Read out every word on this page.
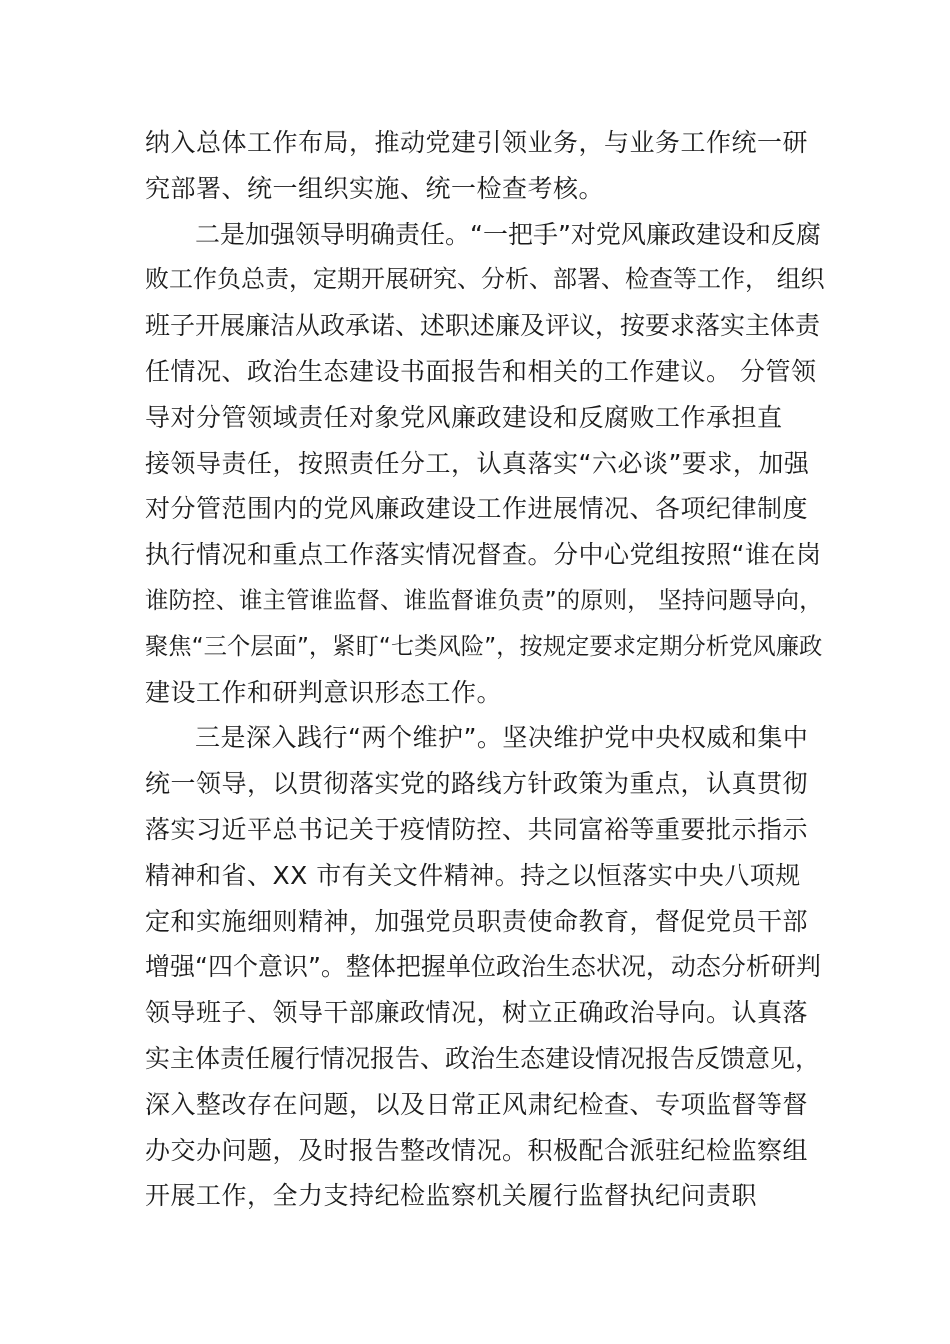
纳入总体工作布局，推动党建引领业务，与业务工作统一研
究部署、统一组织实施、统一检查考核。
二是加强领导明确责任。“一把手”对党风廉政建设和反腐
败工作负总责，定期开展研究、分析、部署、检查等工作， 组织
班子开展廉洁从政承诺、述职述廉及评议，按要求落实主体责
任情况、政治生态建设书面报告和相关的工作建议。 分管领
导对分管领域责任对象党风廉政建设和反腐败工作承担直
接领导责任，按照责任分工，认真落实“六必谈”要求，加强
对分管范围内的党风廉政建设工作进展情况、各项纪律制度
执行情况和重点工作落实情况督查。分中心党组按照“谁在岗
谁防控、谁主管谁监督、谁监督谁负责”的原则， 坚持问题导向，
聚焦“三个层面”，紧盯“七类风险”，按规定要求定期分析党风廉政
建设工作和研判意识形态工作。
三是深入践行“两个维护”。坚决维护党中央权威和集中
统一领导，以贯彻落实党的路线方针政策为重点，认真贯彻
落实习近平总书记关于疫情防控、共同富裕等重要批示指示
精神和省、XX 市有关文件精神。持之以恒落实中央八项规
定和实施细则精神，加强党员职责使命教育，督促党员干部
增强“四个意识”。整体把握单位政治生态状况，动态分析研判
领导班子、领导干部廉政情况，树立正确政治导向。认真落
实主体责任履行情况报告、政治生态建设情况报告反馈意见，
深入整改存在问题，以及日常正风肃纪检查、专项监督等督
办交办问题，及时报告整改情况。积极配合派驻纪检监察组
开展工作，全力支持纪检监察机关履行监督执纪问责职
